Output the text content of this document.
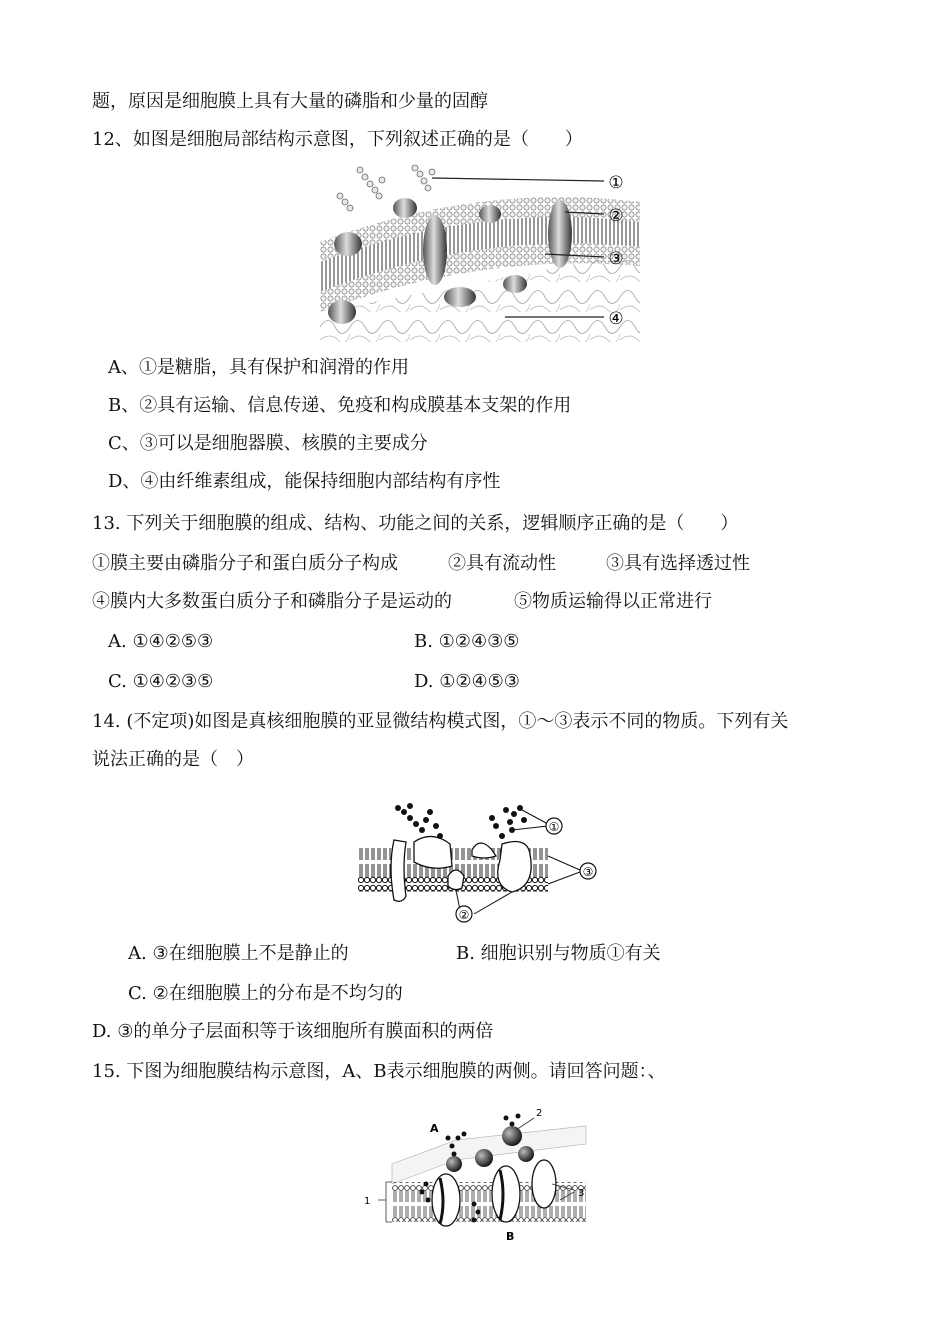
题，原因是细胞膜上具有大量的磷脂和少量的固醇
12、如图是细胞局部结构示意图，下列叙述正确的是（　　）
①
②
③
④
A、①是糖脂，具有保护和润滑的作用
B、②具有运输、信息传递、免疫和构成膜基本支架的作用
C、③可以是细胞器膜、核膜的主要成分
D、④由纤维素组成，能保持细胞内部结构有序性
13. 下列关于细胞膜的组成、结构、功能之间的关系，逻辑顺序正确的是（　　）
①膜主要由磷脂分子和蛋白质分子构成	②具有流动性	③具有选择透过性
④膜内大多数蛋白质分子和磷脂分子是运动的	⑤物质运输得以正常进行
A. ①④②⑤③	B. ①②④③⑤
C. ①④②③⑤	D. ①②④⑤③
14. (不定项)如图是真核细胞膜的亚显微结构模式图，①～③表示不同的物质。下列有关
说法正确的是（　）
①
③
②
A. ③在细胞膜上不是静止的	B. 细胞识别与物质①有关
C. ②在细胞膜上的分布是不均匀的
D. ③的单分子层面积等于该细胞所有膜面积的两倍
15. 下图为细胞膜结构示意图，A、B表示细胞膜的两侧。请回答问题：、
A
B
1
2
3
